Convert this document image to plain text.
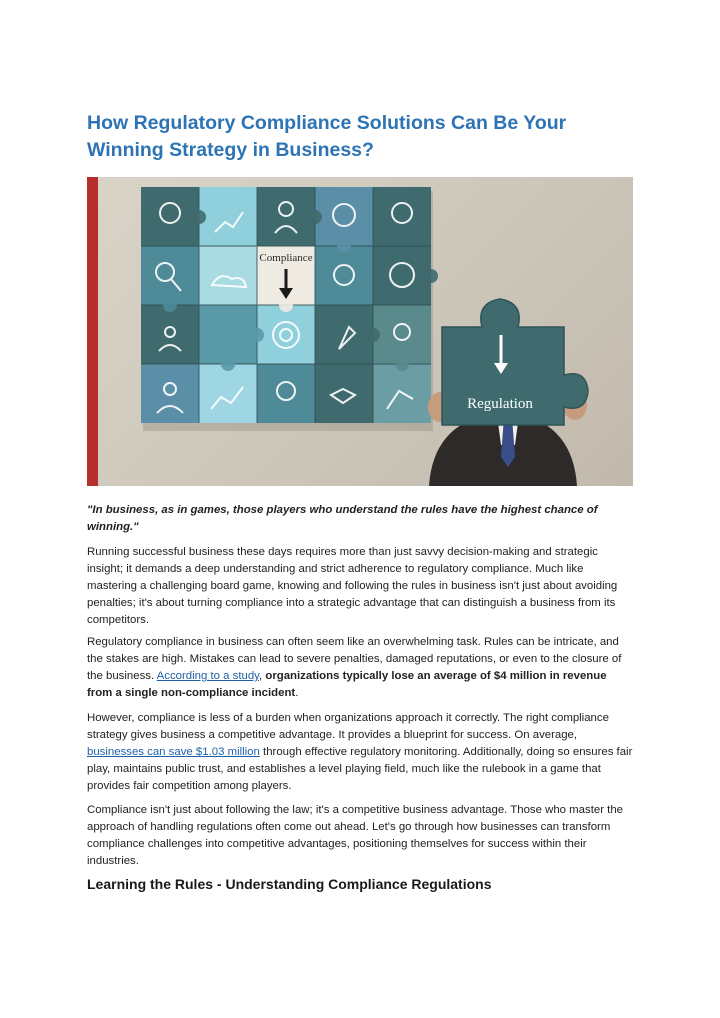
How Regulatory Compliance Solutions Can Be Your Winning Strategy in Business?
Compliance
Regulation

"In business, as in games, those players who understand the rules have the highest chance of winning."

Running successful business these days requires more than just savvy decision-making and strategic insight; it demands a deep understanding and strict adherence to regulatory compliance. Much like mastering a challenging board game, knowing and following the rules in business isn't just about avoiding penalties; it's about turning compliance into a strategic advantage that can distinguish a business from its competitors.

Regulatory compliance in business can often seem like an overwhelming task. Rules can be intricate, and the stakes are high. Mistakes can lead to severe penalties, damaged reputations, or even to the closure of the business. According to a study, organizations typically lose an average of $4 million in revenue from a single non-compliance incident.

However, compliance is less of a burden when organizations approach it correctly. The right compliance strategy gives business a competitive advantage. It provides a blueprint for success. On average, businesses can save $1.03 million through effective regulatory monitoring. Additionally, doing so ensures fair play, maintains public trust, and establishes a level playing field, much like the rulebook in a game that provides fair competition among players.

Compliance isn't just about following the law; it's a competitive business advantage. Those who master the approach of handling regulations often come out ahead. Let's go through how businesses can transform compliance challenges into competitive advantages, positioning themselves for success within their industries.

Learning the Rules - Understanding Compliance Regulations
